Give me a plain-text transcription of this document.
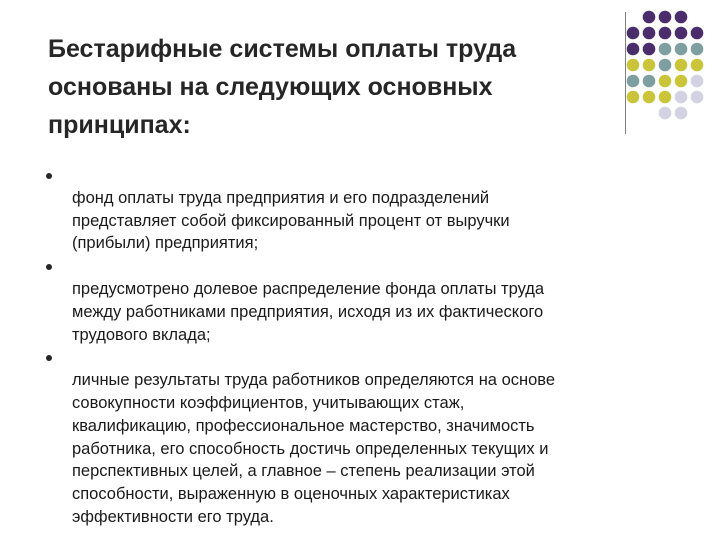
Бестарифные системы оплаты труда
основаны на следующих основных
принципах:

фонд оплаты труда предприятия и его подразделений
представляет собой фиксированный процент от выручки
(прибыли) предприятия;

предусмотрено долевое распределение фонда оплаты труда
между работниками предприятия, исходя из их фактического
трудового вклада;

личные результаты труда работников определяются на основе
совокупности коэффициентов, учитывающих стаж,
квалификацию, профессиональное мастерство, значимость
работника, его способность достичь определенных текущих и
перспективных целей, а главное – степень реализации этой
способности, выраженную в оценочных характеристиках
эффективности его труда.
